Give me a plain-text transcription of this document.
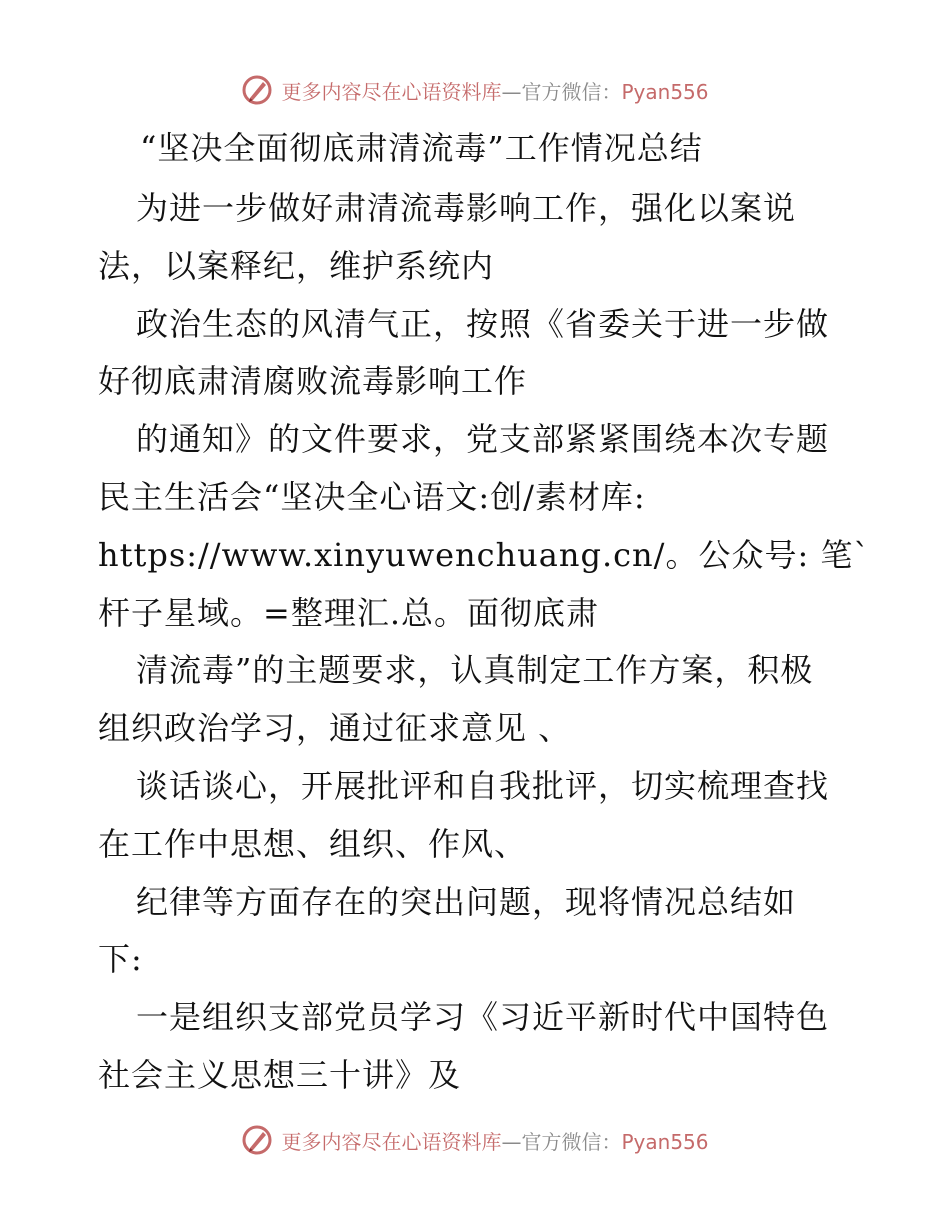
更多内容尽在心语资料库—官方微信：Pyan556
“坚决全面彻底肃清流毒”工作情况总结
为进一步做好肃清流毒影响工作，强化以案说
法，以案释纪，维护系统内
政治生态的风清气正，按照《省委关于进一步做
好彻底肃清腐败流毒影响工作
的通知》的文件要求，党支部紧紧围绕本次专题
民主生活会“坚决全心语文:创/素材库:
https://www.xinyuwenchuang.cn/。公众号: 笔`
杆子星域。=整理汇.总。面彻底肃
清流毒”的主题要求，认真制定工作方案，积极
组织政治学习，通过征求意见 、
谈话谈心，开展批评和自我批评，切实梳理查找
在工作中思想、组织、作风、
纪律等方面存在的突出问题，现将情况总结如
下:
一是组织支部党员学习《习近平新时代中国特色
社会主义思想三十讲》及
更多内容尽在心语资料库—官方微信：Pyan556
